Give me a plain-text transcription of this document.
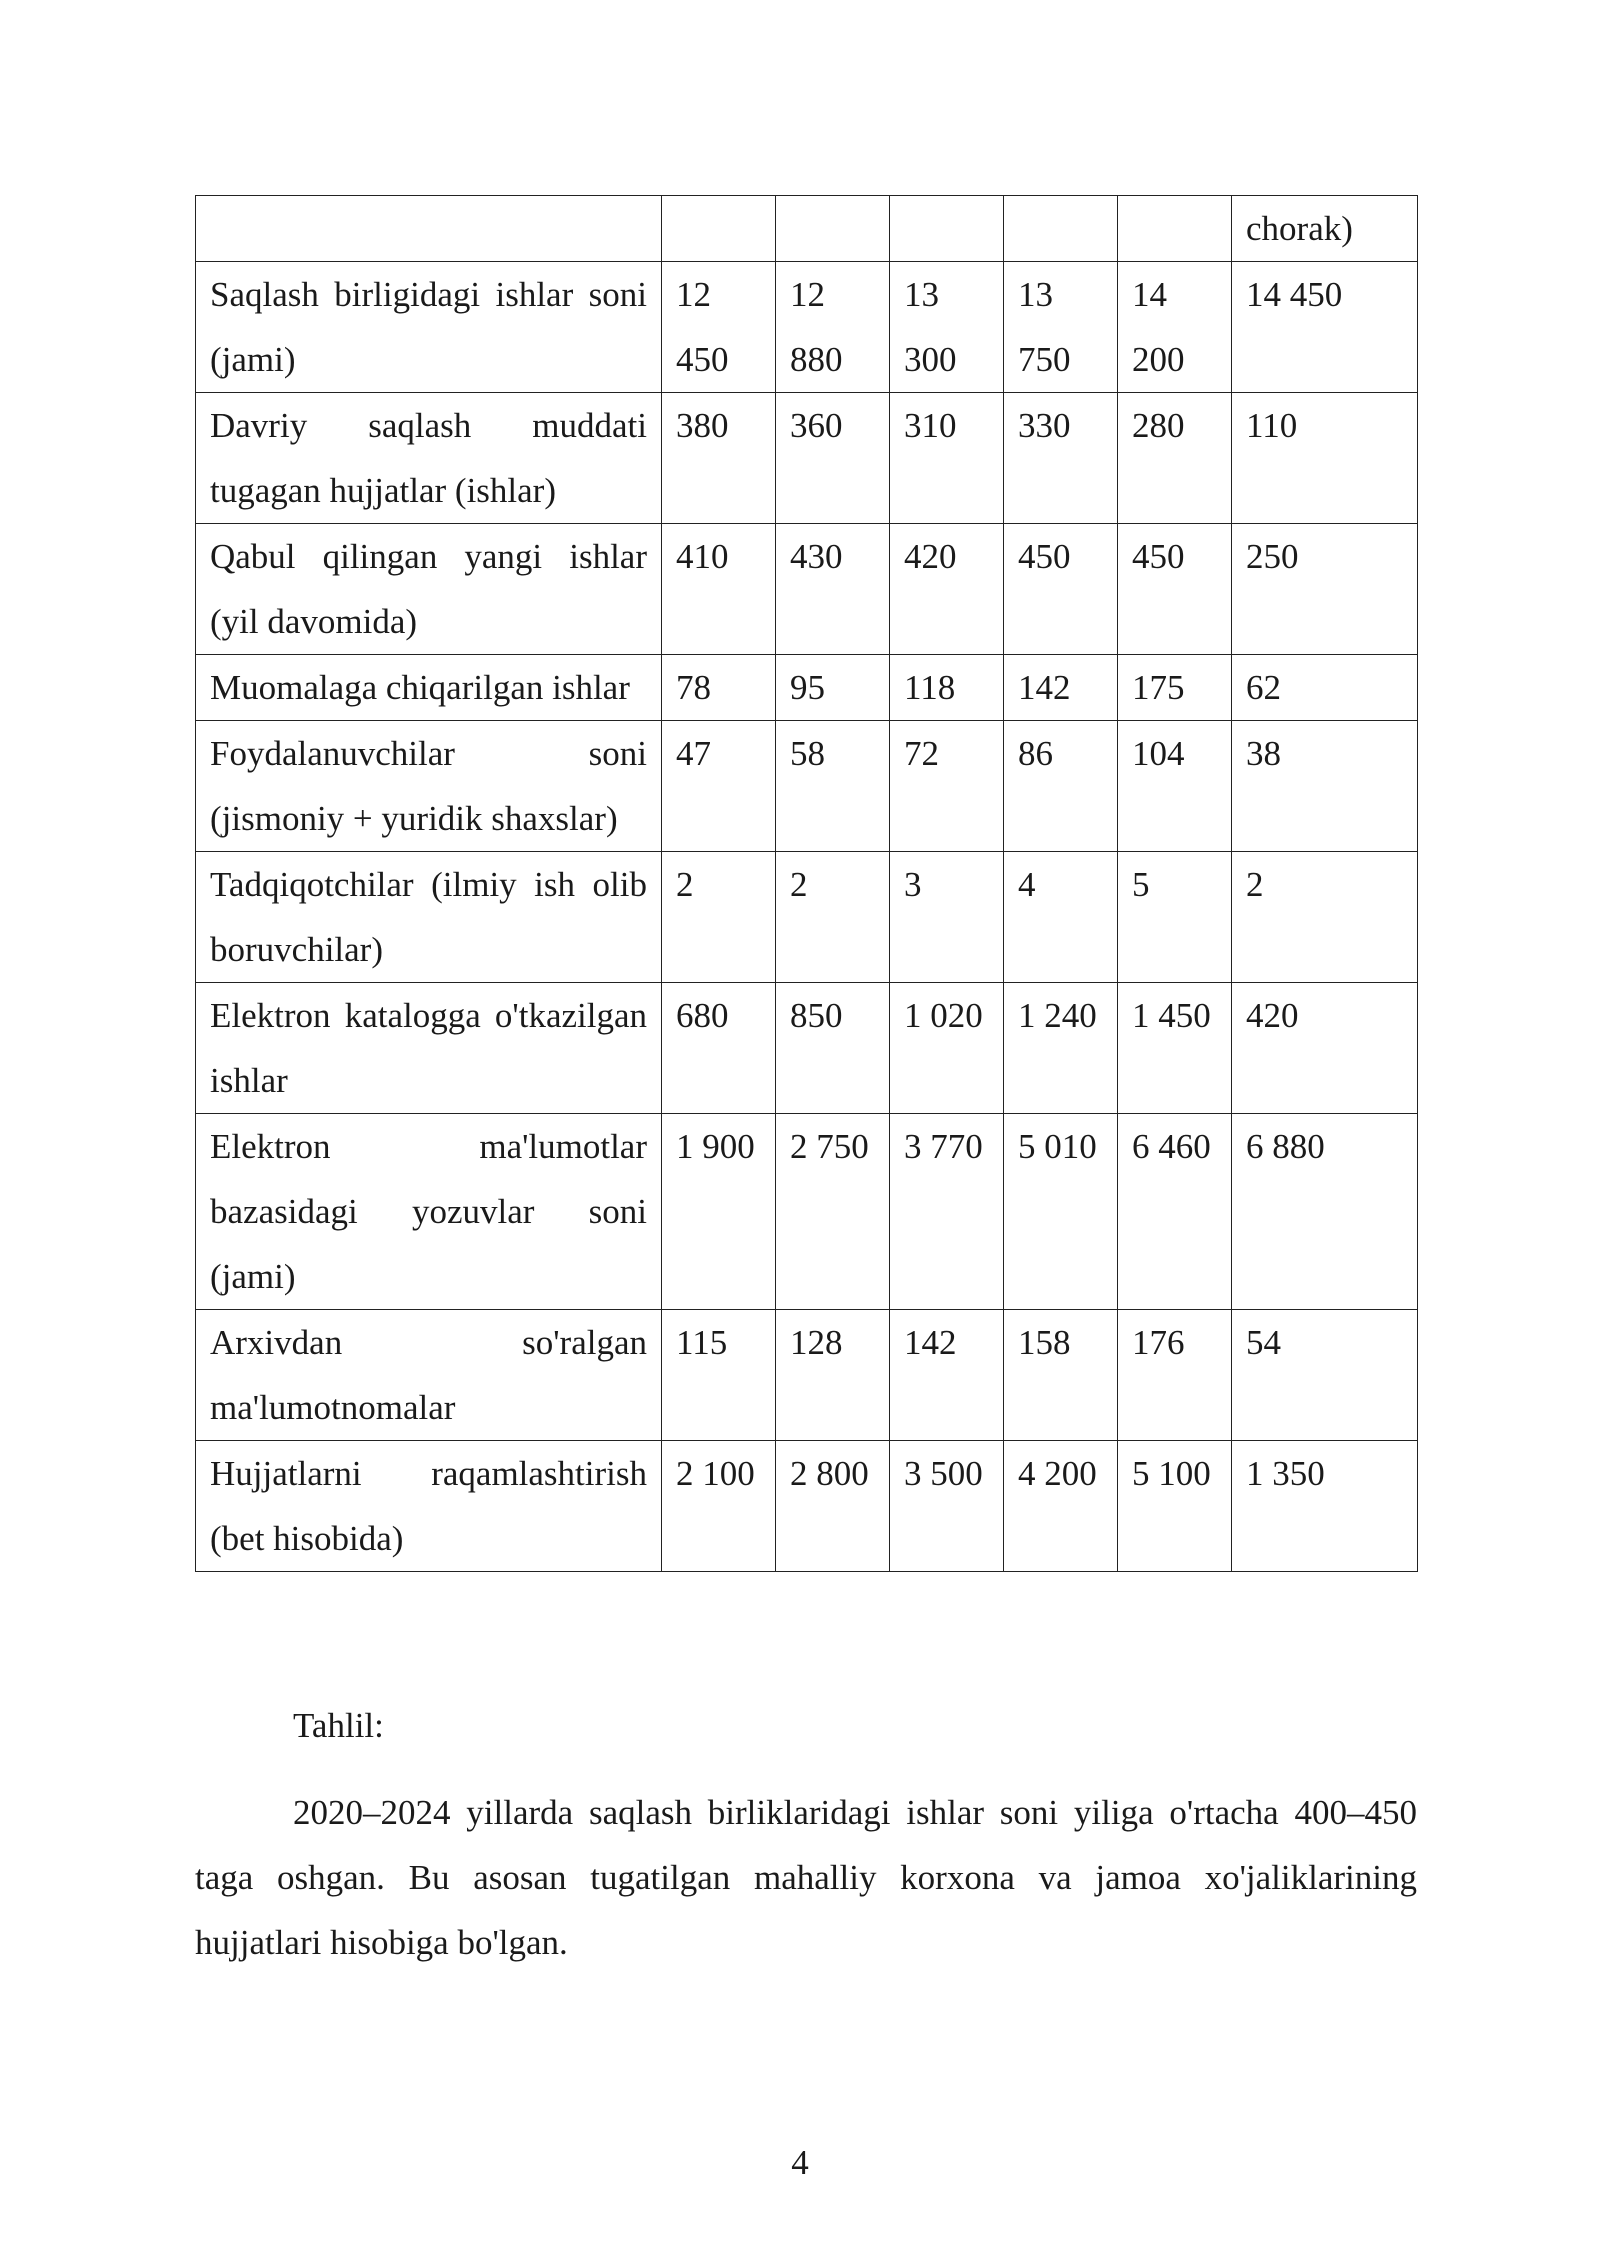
						chorak)
Saqlash birligidagi ishlar soni (jami)	12 450	12 880	13 300	13 750	14 200	14 450
Davriy saqlash muddati tugagan hujjatlar (ishlar)	380	360	310	330	280	110
Qabul qilingan yangi ishlar (yil davomida)	410	430	420	450	450	250
Muomalaga chiqarilgan ishlar	78	95	118	142	175	62
Foydalanuvchilar soni (jismoniy + yuridik shaxslar)	47	58	72	86	104	38
Tadqiqotchilar (ilmiy ish olib boruvchilar)	2	2	3	4	5	2
Elektron katalogga o'tkazilgan ishlar	680	850	1 020	1 240	1 450	420
Elektron ma'lumotlar bazasidagi yozuvlar soni (jami)	1 900	2 750	3 770	5 010	6 460	6 880
Arxivdan so'ralgan ma'lumotnomalar	115	128	142	158	176	54
Hujjatlarni raqamlashtirish (bet hisobida)	2 100	2 800	3 500	4 200	5 100	1 350
Tahlil:

2020–2024 yillarda saqlash birliklaridagi ishlar soni yiliga o'rtacha 400–450 taga oshgan. Bu asosan tugatilgan mahalliy korxona va jamoa xo'jaliklarining hujjatlari hisobiga bo'lgan.

4
